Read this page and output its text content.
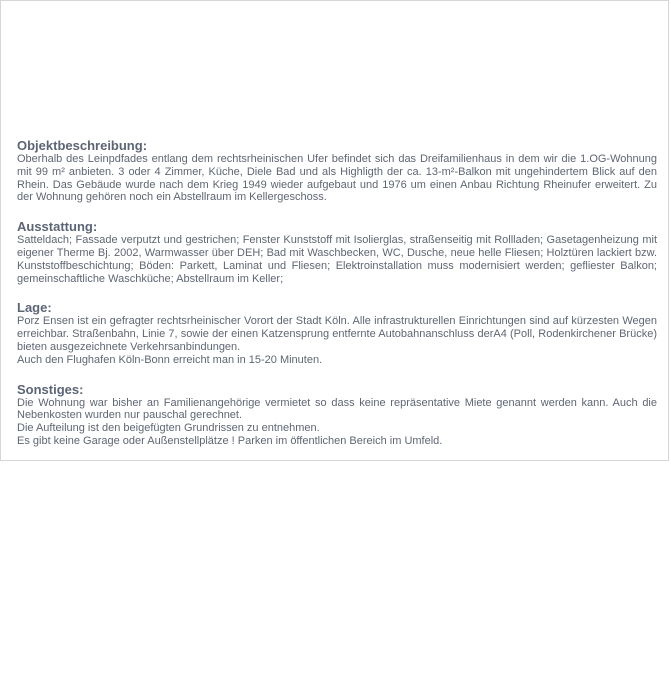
Objektbeschreibung:

Oberhalb des Leinpdfades entlang dem rechtsrheinischen Ufer befindet sich das Dreifamilienhaus in dem wir die 1.OG-Wohnung mit 99 m² anbieten. 3 oder 4 Zimmer, Küche, Diele Bad und als Highligth der ca. 13-m²-Balkon mit ungehindertem Blick auf den Rhein. Das Gebäude wurde nach dem Krieg 1949 wieder aufgebaut und 1976 um einen Anbau Richtung Rheinufer erweitert. Zu der Wohnung gehören noch ein Abstellraum im Kellergeschoss.

Ausstattung:

Satteldach; Fassade verputzt und gestrichen; Fenster Kunststoff mit Isolierglas, straßenseitig mit Rollladen; Gasetagenheizung mit eigener Therme Bj. 2002, Warmwasser über DEH; Bad mit Waschbecken, WC, Dusche, neue helle Fliesen; Holztüren lackiert bzw. Kunststoffbeschichtung; Böden: Parkett, Laminat und Fliesen; Elektroinstallation muss modernisiert werden; gefliester Balkon; gemeinschaftliche Waschküche; Abstellraum im Keller;

Lage:

Porz Ensen ist ein gefragter rechtsrheinischer Vorort der Stadt Köln. Alle infrastrukturellen Einrichtungen sind auf kürzesten Wegen erreichbar. Straßenbahn, Linie 7, sowie der einen Katzensprung entfernte Autobahnanschluss derA4 (Poll, Rodenkirchener Brücke) bieten ausgezeichnete Verkehrsanbindungen.

Auch den Flughafen Köln-Bonn erreicht man in 15-20 Minuten.

Sonstiges:

Die Wohnung war bisher an Familienangehörige vermietet so dass keine repräsentative Miete genannt werden kann. Auch die Nebenkosten wurden nur pauschal gerechnet.

Die Aufteilung ist den beigefügten Grundrissen zu entnehmen.

Es gibt keine Garage oder Außenstellplätze ! Parken im öffentlichen Bereich im Umfeld.
